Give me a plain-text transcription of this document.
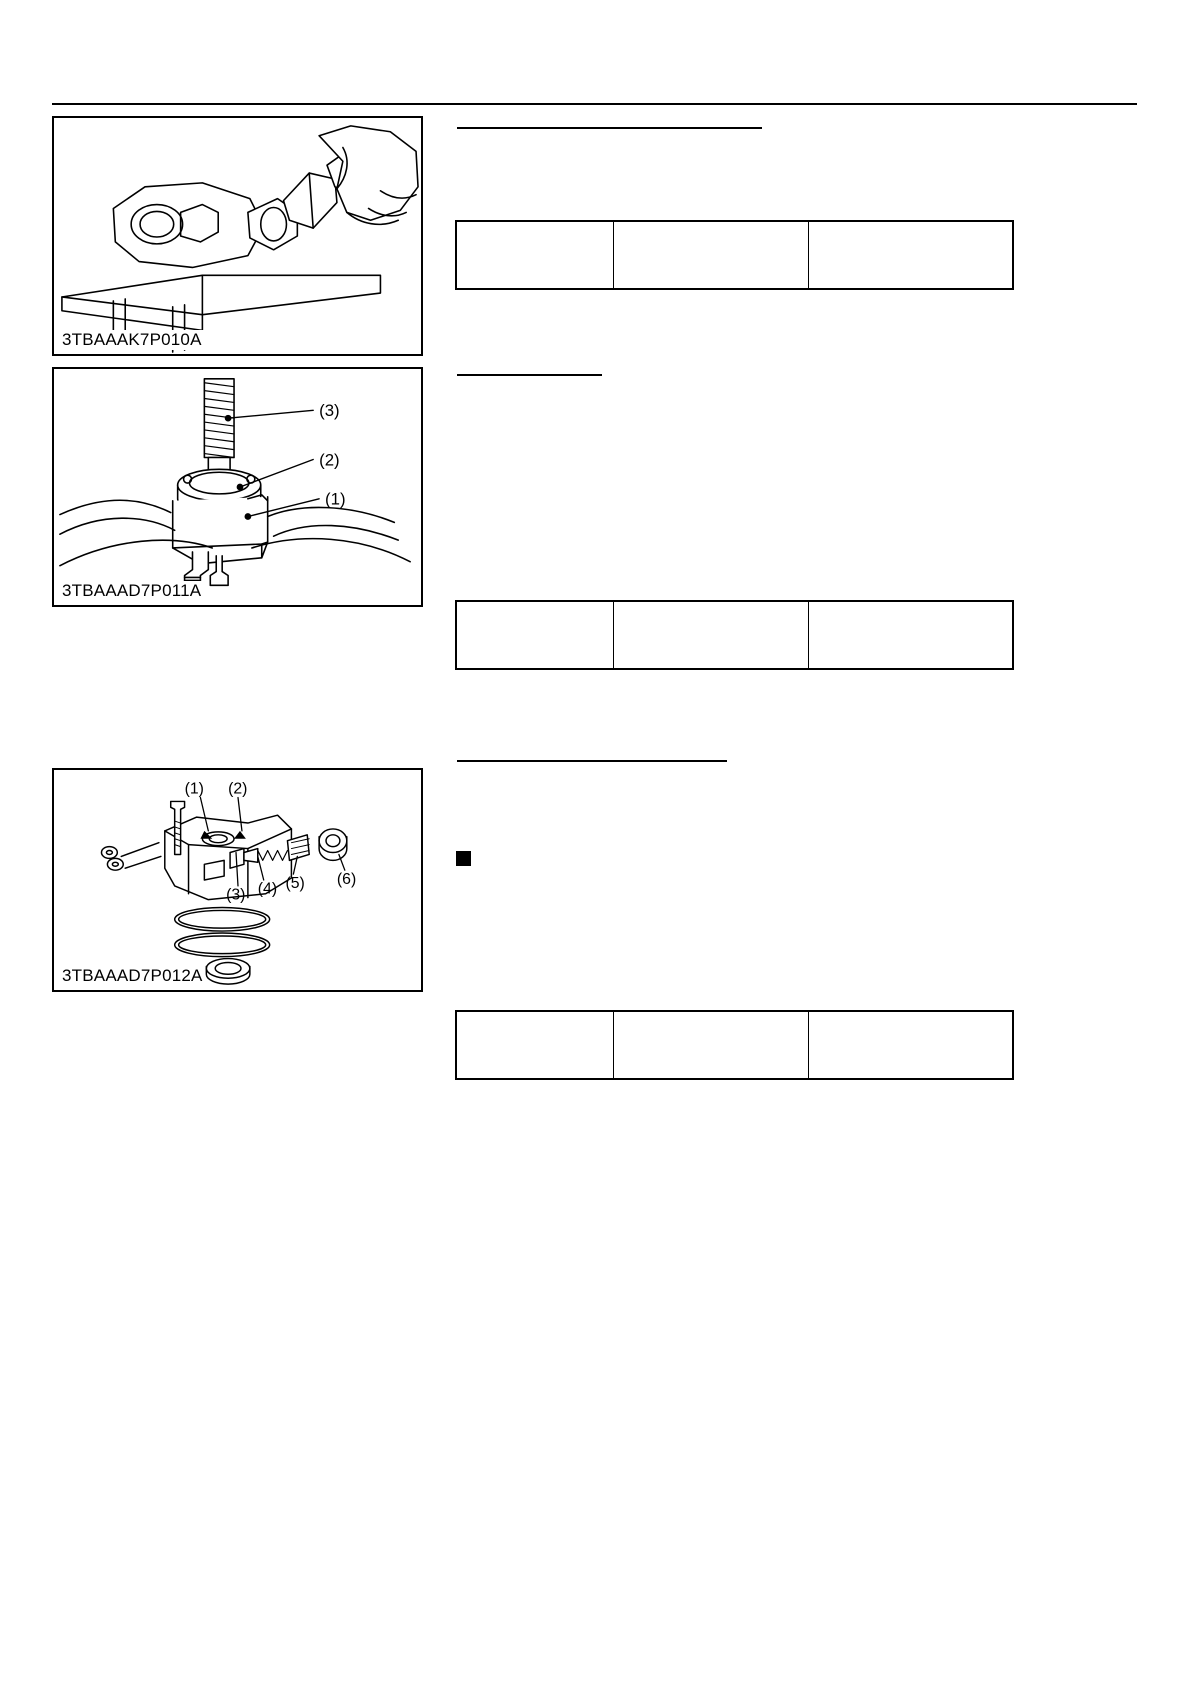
3TBAAAK7P010A
(3)
(2)
(1)
3TBAAAD7P011A
(1) (2)
(3) (4) (5) (6)
3TBAAAD7P012A
